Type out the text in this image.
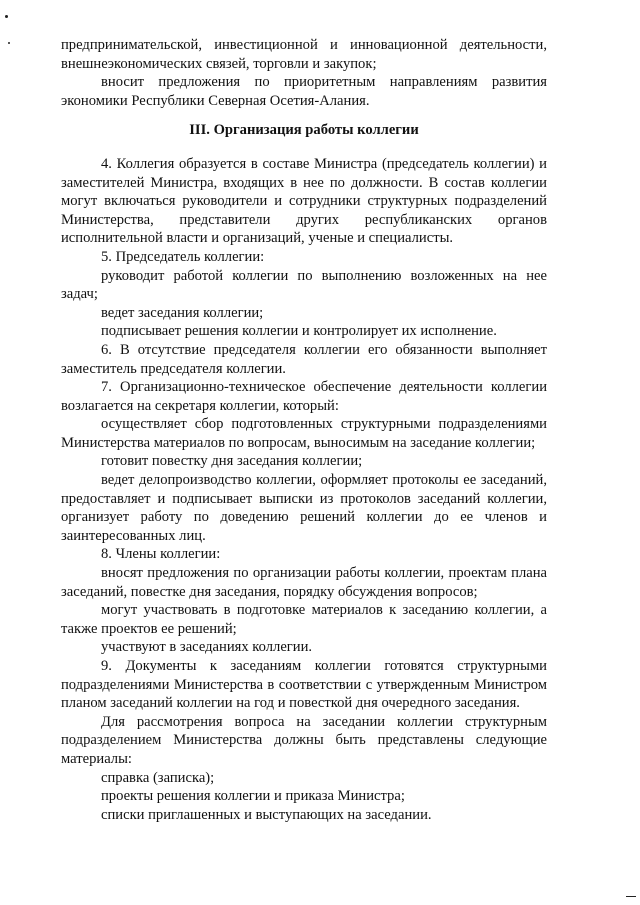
предпринимательской, инвестиционной и инновационной деятельности, внешнеэкономических связей, торговли и закупок;

вносит предложения по приоритетным направлениям развития экономики Республики Северная Осетия-Алания.

III. Организация работы коллегии

4. Коллегия образуется в составе Министра (председатель коллегии) и заместителей Министра, входящих в нее по должности. В состав коллегии могут включаться руководители и сотрудники структурных подразделений Министерства, представители других республиканских органов исполнительной власти и организаций, ученые и специалисты.

5. Председатель коллегии:

руководит работой коллегии по выполнению возложенных на нее задач;

ведет заседания коллегии;

подписывает решения коллегии и контролирует их исполнение.

6. В отсутствие председателя коллегии его обязанности выполняет заместитель председателя коллегии.

7. Организационно-техническое обеспечение деятельности коллегии возлагается на секретаря коллегии, который:

осуществляет сбор подготовленных структурными подразделениями Министерства материалов по вопросам, выносимым на заседание коллегии;

готовит повестку дня заседания коллегии;

ведет делопроизводство коллегии, оформляет протоколы ее заседаний, предоставляет и подписывает выписки из протоколов заседаний коллегии, организует работу по доведению решений коллегии до ее членов и заинтересованных лиц.

8. Члены коллегии:

вносят предложения по организации работы коллегии, проектам плана заседаний, повестке дня заседания, порядку обсуждения вопросов;

могут участвовать в подготовке материалов к заседанию коллегии, а также проектов ее решений;

участвуют в заседаниях коллегии.

9. Документы к заседаниям коллегии готовятся структурными подразделениями Министерства в соответствии с утвержденным Министром планом заседаний коллегии на год и повесткой дня очередного заседания.

Для рассмотрения вопроса на заседании коллегии структурным подразделением Министерства должны быть представлены следующие материалы:

справка (записка);

проекты решения коллегии и приказа Министра;

списки приглашенных и выступающих на заседании.
